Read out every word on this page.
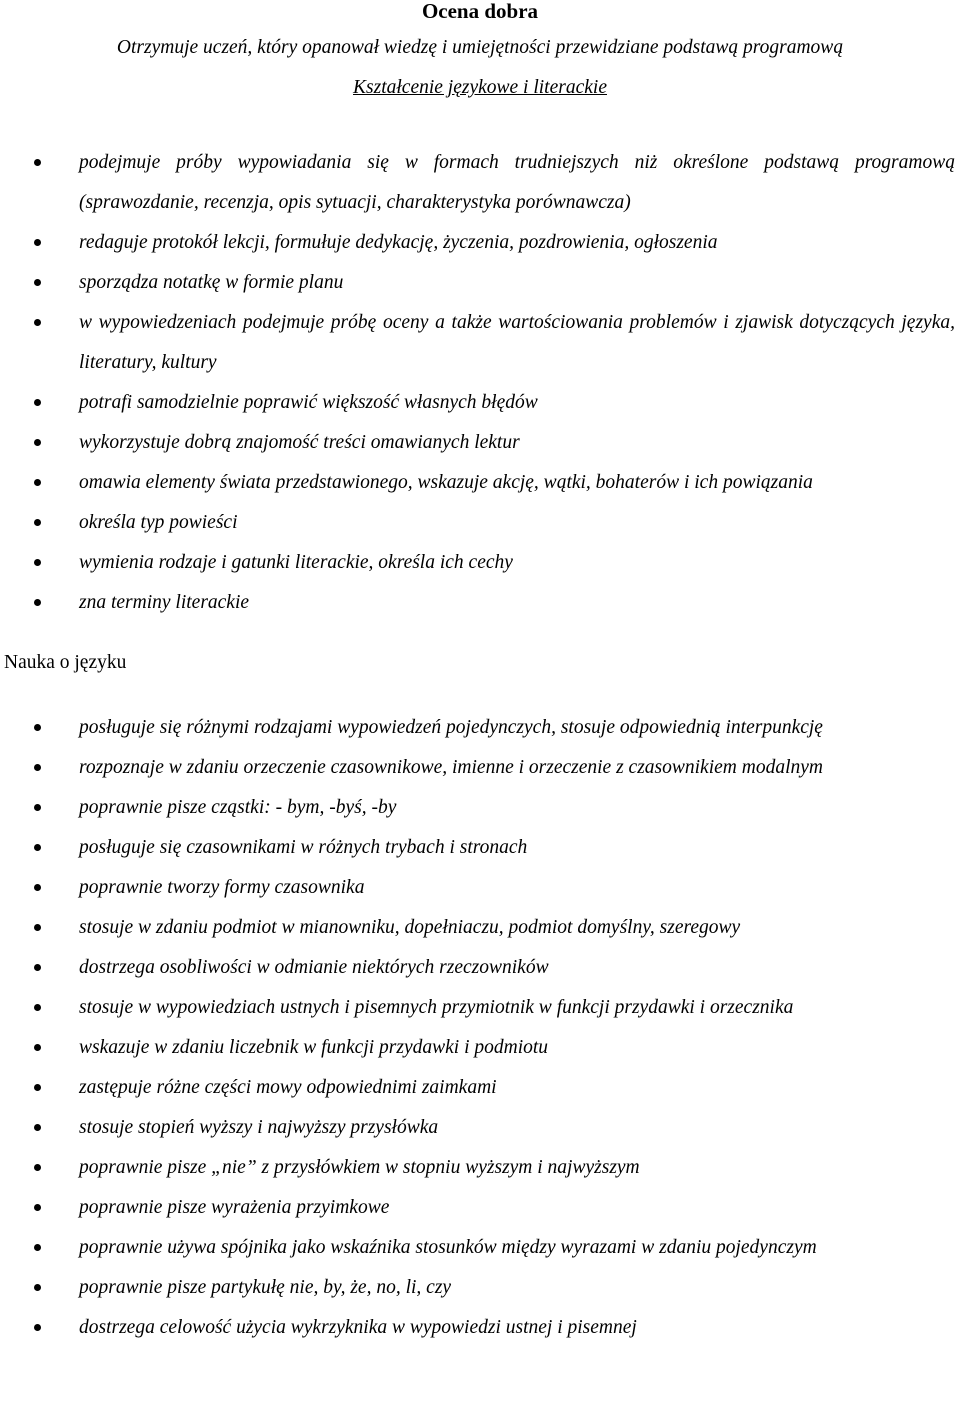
Ocena dobra
Otrzymuje uczeń, który opanował wiedzę i umiejętności przewidziane podstawą programową
Kształcenie językowe i literackie
podejmuje próby wypowiadania się w formach trudniejszych niż określone podstawą programową (sprawozdanie, recenzja, opis sytuacji, charakterystyka porównawcza)
redaguje protokół lekcji, formułuje dedykację, życzenia, pozdrowienia, ogłoszenia
sporządza notatkę w formie planu
w wypowiedzeniach podejmuje próbę oceny a także wartościowania problemów i zjawisk dotyczących języka, literatury, kultury
potrafi samodzielnie poprawić większość własnych błędów
wykorzystuje dobrą znajomość treści omawianych lektur
omawia elementy świata przedstawionego, wskazuje akcję, wątki, bohaterów i ich powiązania
określa typ powieści
wymienia rodzaje i gatunki literackie, określa ich cechy
zna terminy literackie
Nauka o języku
posługuje się różnymi rodzajami wypowiedzeń pojedynczych, stosuje odpowiednią interpunkcję
rozpoznaje w zdaniu orzeczenie czasownikowe, imienne i orzeczenie z czasownikiem modalnym
poprawnie pisze cząstki: - bym, -byś, -by
posługuje się czasownikami w różnych trybach i stronach
poprawnie tworzy formy czasownika
stosuje w zdaniu podmiot w mianowniku, dopełniaczu, podmiot domyślny, szeregowy
dostrzega osobliwości w odmianie niektórych rzeczowników
stosuje w wypowiedziach ustnych i pisemnych przymiotnik w funkcji przydawki i orzecznika
wskazuje w zdaniu liczebnik w funkcji przydawki i podmiotu
zastępuje różne części mowy odpowiednimi zaimkami
stosuje stopień wyższy i najwyższy przysłówka
poprawnie pisze „nie” z przysłówkiem w stopniu wyższym i najwyższym
poprawnie pisze wyrażenia przyimkowe
poprawnie używa spójnika jako wskaźnika stosunków między wyrazami w zdaniu pojedynczym
poprawnie pisze partykułę nie, by, że, no, li, czy
dostrzega celowość użycia wykrzyknika w wypowiedzi ustnej i pisemnej
